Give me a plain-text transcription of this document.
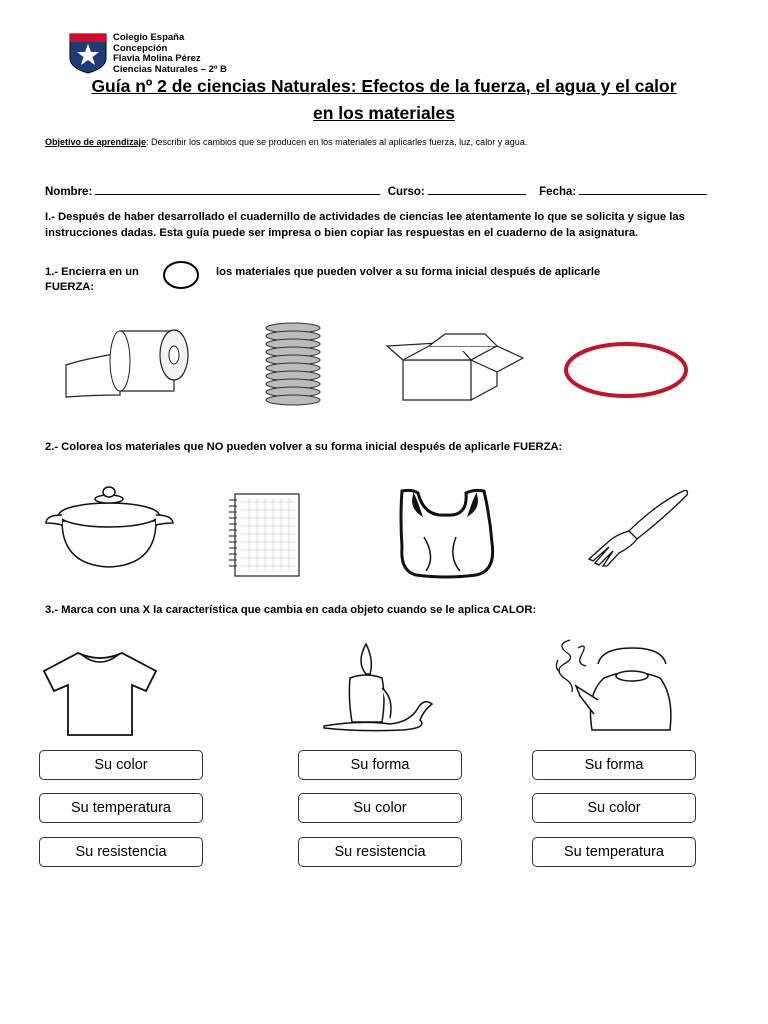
Colegio España
Concepción
Flavia Molina Pérez
Ciencias Naturales – 2º B
Guía nº 2 de ciencias Naturales: Efectos de la fuerza, el agua y el calor
en los materiales
Objetivo de aprendizaje: Describir los cambios que se producen en los materiales al aplicarles fuerza, luz, calor y agua.
Nombre:	Curso:	Fecha:
I.- Después de haber desarrollado el cuadernillo de actividades de ciencias lee atentamente lo que se solicita y sigue las instrucciones dadas. Esta guía puede ser impresa o bien copiar las respuestas en el cuaderno de la asignatura.
1.- Encierra en un	los materiales que pueden volver a su forma inicial después de aplicarle
FUERZA:
2.- Colorea los materiales que NO pueden volver a su forma inicial después de aplicarle FUERZA:
3.- Marca con una X la característica que cambia en cada objeto cuando se le aplica CALOR:
Su color
Su temperatura
Su resistencia
Su forma
Su color
Su resistencia
Su forma
Su color
Su temperatura
